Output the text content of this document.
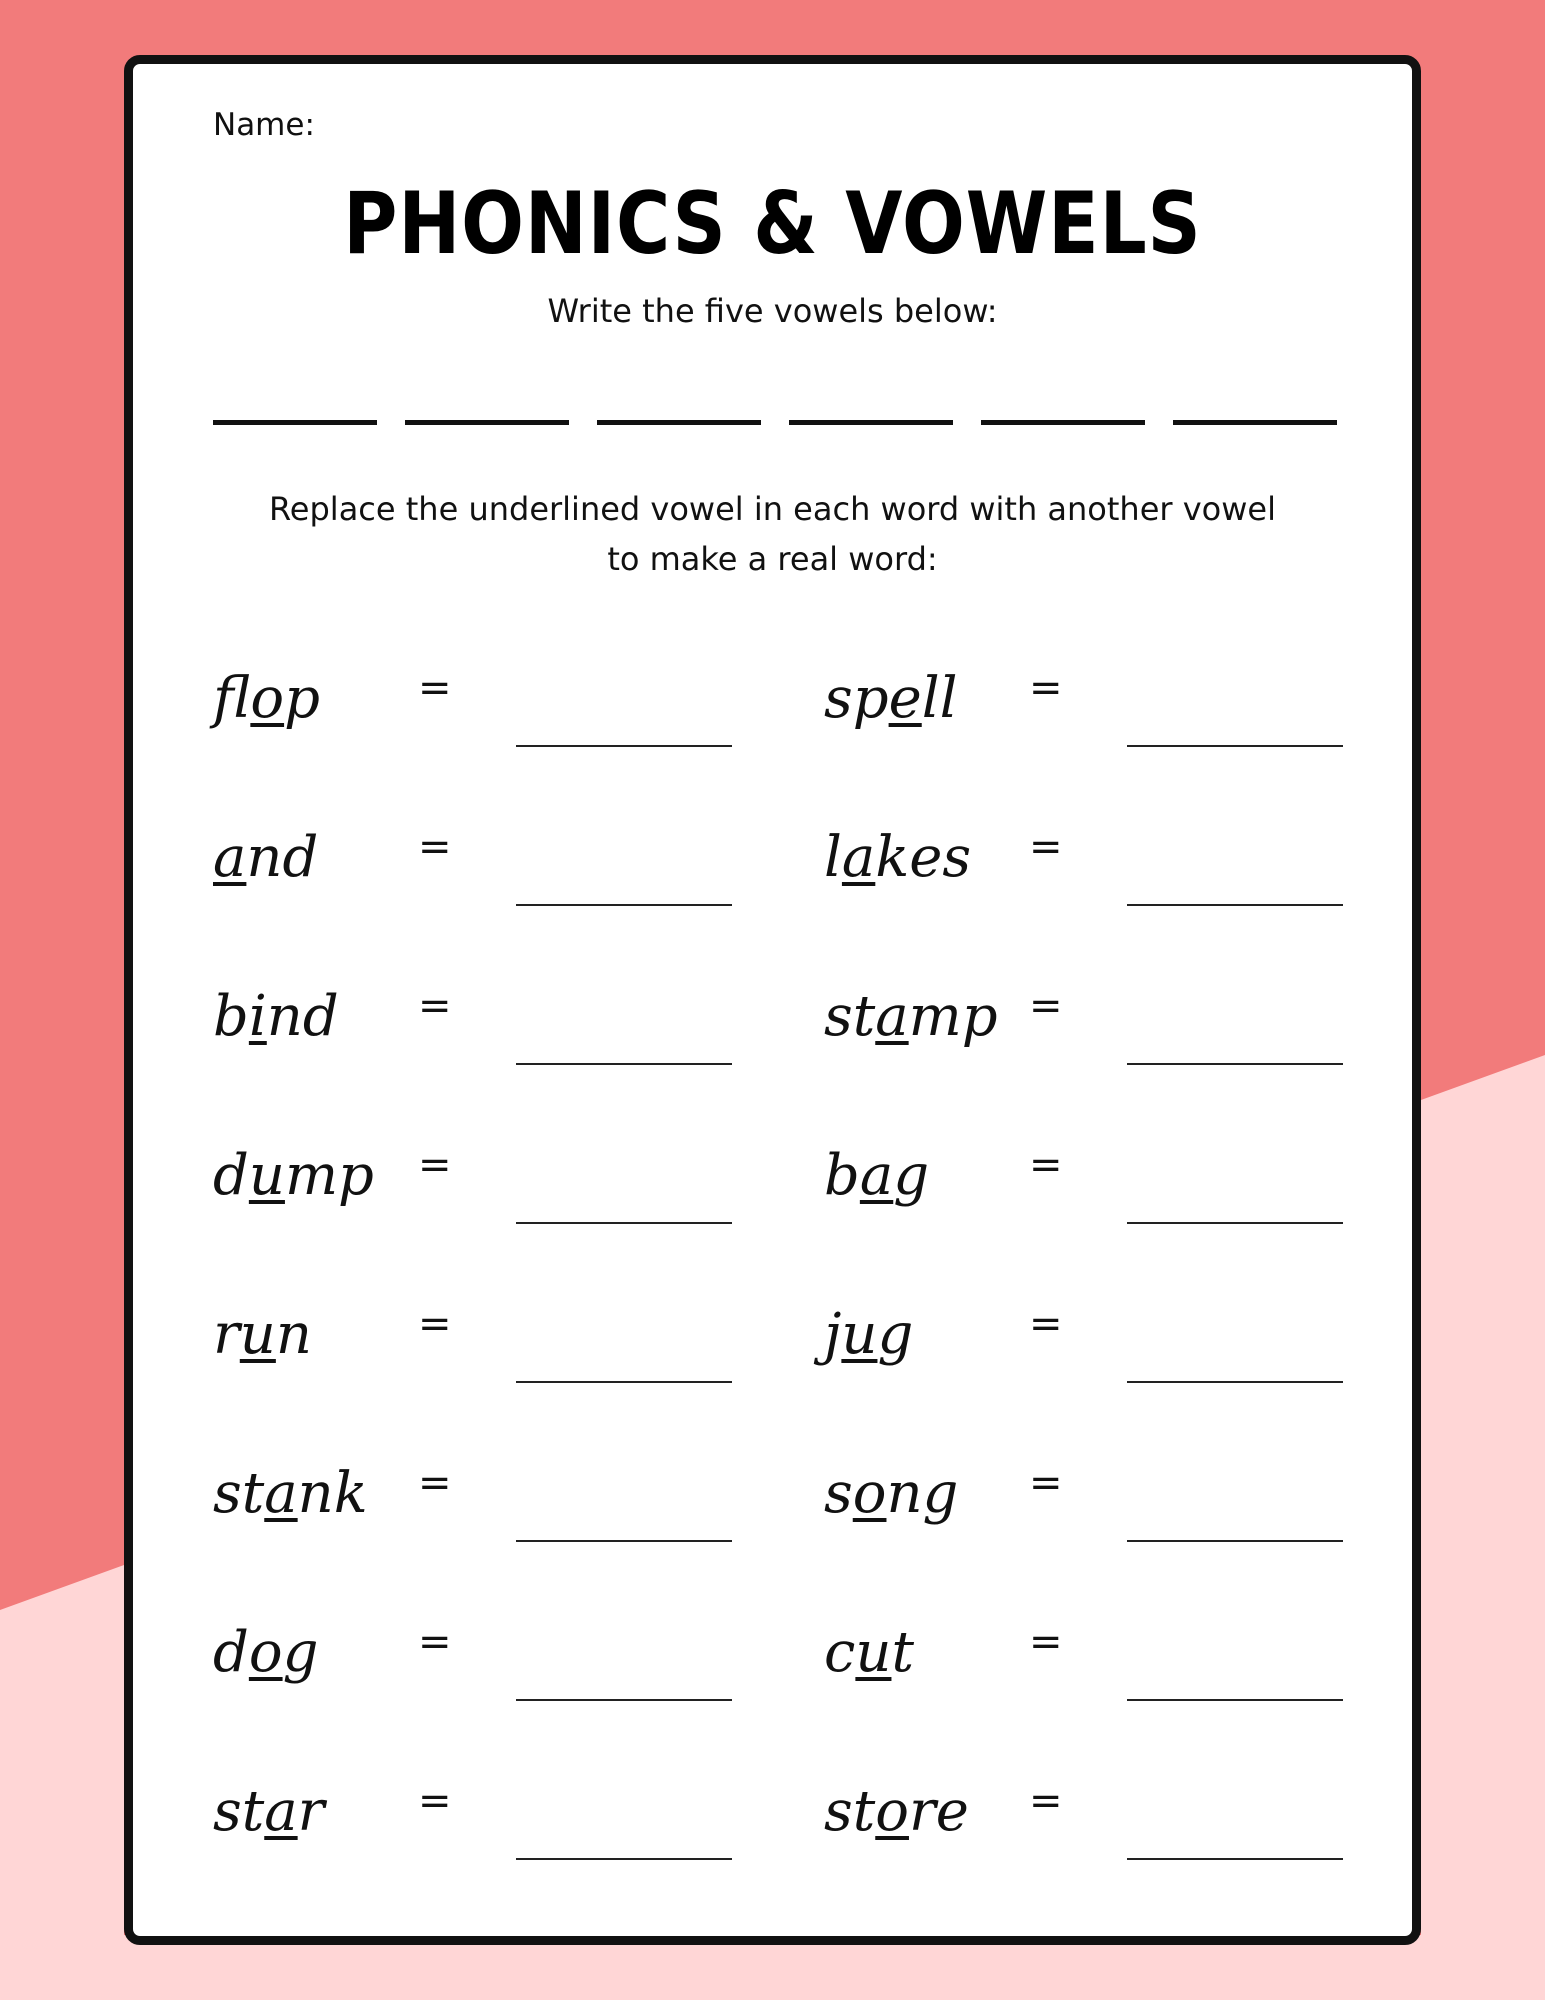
Name:
PHONICS & VOWELS
Write the five vowels below:
Replace the underlined vowel in each word with another vowel
to make a real word:
flop =
and =
bind =
dump =
run	=
stank =
dog =
star =
spell =
lakes =
stamp =
bag =
jug	=
song =
cut	=
store =
